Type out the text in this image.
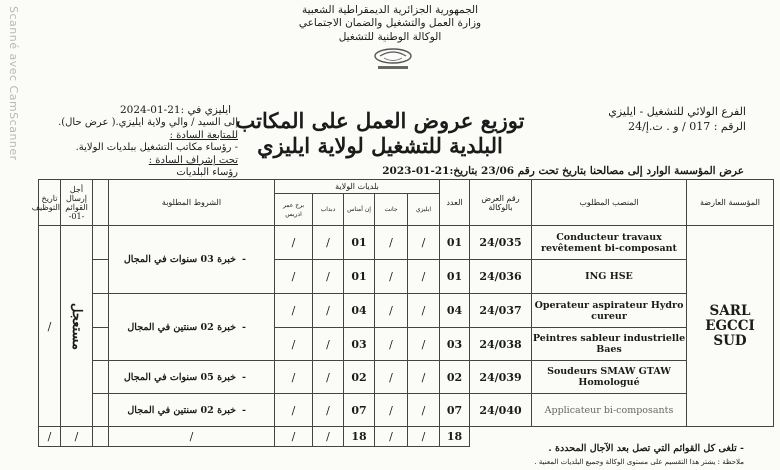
Scanné avec CamScanner	الجمهورية الجزائرية الديمقراطية الشعبية
وزارة العمل والتشغيل والضمان الاجتماعي
الوكالة الوطنية للتشغيل
الفرع الولائي للتشغيل - ايليزي
الرقم : 017 / و . ت.إ/24
ايليزي في :21-01-2024
إلى السيد / والي ولاية ايليزي.( عرض حال).
للمتابعة السادة :
- رؤساء مكاتب التشغيل ببلديات الولاية.
تحت إشراف السادة :
رؤساء البلديات
توزيع عروض العمل على المكاتب البلدية للتشغيل لولاية ايليزي
عرض المؤسسة الوارد إلى مصالحنا بتاريخ تحت رقم 23/06 بتاريخ:21-01-2023
تاريخ التوظيف	أجل إرسال القوائم -01-		الشروط المطلوبة	بلديات الولاية					العدد	رقم العرض بالوكالة	المنصب المطلوب	المؤسسة العارضة
				برج عمر ادريس	دبداب	إن أمناس	جانت	ايليزي				
/	مستعجل		-خبرة 03 سنوات في المجال	/	/	01	/	/	01	24/035	Conducteur travaux revêtement bi-composant	SARL EGCCI SUD
				/	/	01	/	/	01	24/036	ING HSE	
			-خبرة 02 سنتين في المجال	/	/	04	/	/	04	24/037	Operateur aspirateur Hydro cureur	
				/	/	03	/	/	03	24/038	Peintres sableur industrielle Baes	
			-خبرة 05 سنوات في المجال	/	/	02	/	/	02	24/039	Soudeurs SMAW GTAW Homologué	
			-خبرة 02 سنتين في المجال	/	/	07	/	/	07	24/040	Applicateur bi-composants	
/	/		/	/	/	18	/	/	18			
- تلغى كل القوائم التي تصل بعد الآجال المحددة .
ملاحظة : يشتر هذا التقسيم على مستوى الوكالة وجميع البلديات المعنية .
